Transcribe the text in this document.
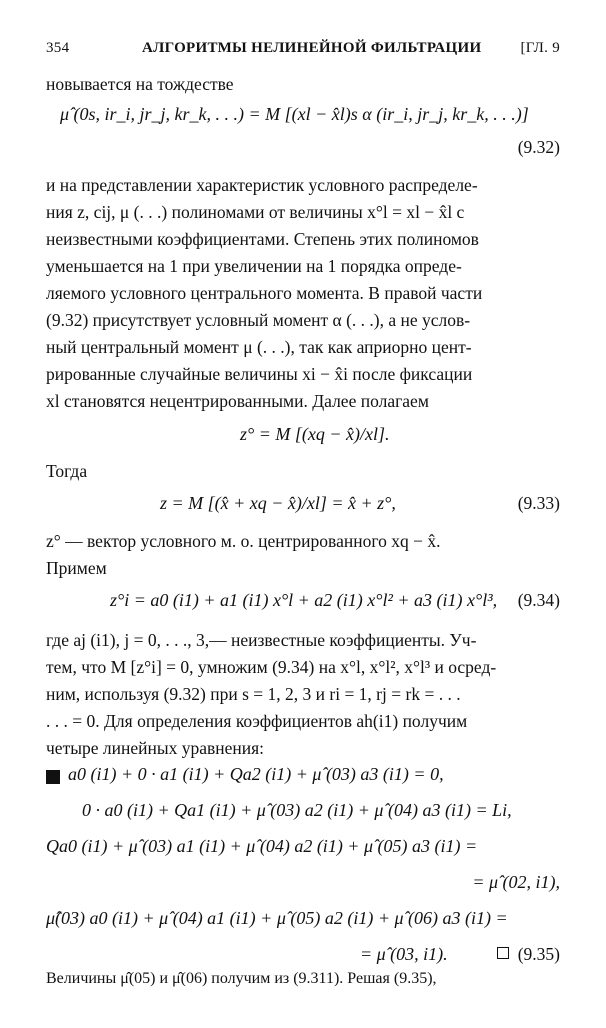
354	АЛГОРИТМЫ НЕЛИНЕЙНОЙ ФИЛЬТРАЦИИ	[ГЛ. 9
новывается на тождестве
μ̂ (0s, ir_i, jr_j, kr_k, . . .) = M [(xl − x̂l)s α (ir_i, jr_j, kr_k, . . .)]
(9.32)
и на представлении характеристик условного распределе-
ния z, cij, μ (. . .) полиномами от величины x°l = xl − x̂l с
неизвестными коэффициентами. Степень этих полиномов
уменьшается на 1 при увеличении на 1 порядка опреде-
ляемого условного центрального момента. В правой части
(9.32) присутствует условный момент α (. . .), а не услов-
ный центральный момент μ (. . .), так как априорно цент-
рированные случайные величины xi − x̂i после фиксации
xl становятся нецентрированными. Далее полагаем
z° = M [(xq − x̂)/xl].
Тогда
z = M [(x̂ + xq − x̂)/xl] = x̂ + z°,	(9.33)
z° — вектор условного м. о. центрированного xq − x̂.
Примем
z°i = a0 (i1) + a1 (i1) x°l + a2 (i1) x°l² + a3 (i1) x°l³, (9.34)
где aj (i1), j = 0, . . ., 3,— неизвестные коэффициенты. Уч-
тем, что M [z°i] = 0, умножим (9.34) на x°l, x°l², x°l³ и осред-
ним, используя (9.32) при s = 1, 2, 3 и ri = 1, rj = rk = . . .
. . . = 0. Для определения коэффициентов ah(i1) получим
четыре линейных уравнения:
a0 (i1) + 0 · a1 (i1) + Qa2 (i1) + μ̂ (03) a3 (i1) = 0,
0 · a0 (i1) + Qa1 (i1) + μ̂ (03) a2 (i1) + μ̂ (04) a3 (i1) = Li,
Qa0 (i1) + μ̂ (03) a1 (i1) + μ̂ (04) a2 (i1) + μ̂ (05) a3 (i1) =
= μ̂ (02, i1),
μ̂(03) a0 (i1) + μ̂ (04) a1 (i1) + μ̂ (05) a2 (i1) + μ̂ (06) a3 (i1) =
= μ̂ (03, i1).	(9.35)
Величины μ̂(05) и μ̂(06) получим из (9.311). Решая (9.35),
